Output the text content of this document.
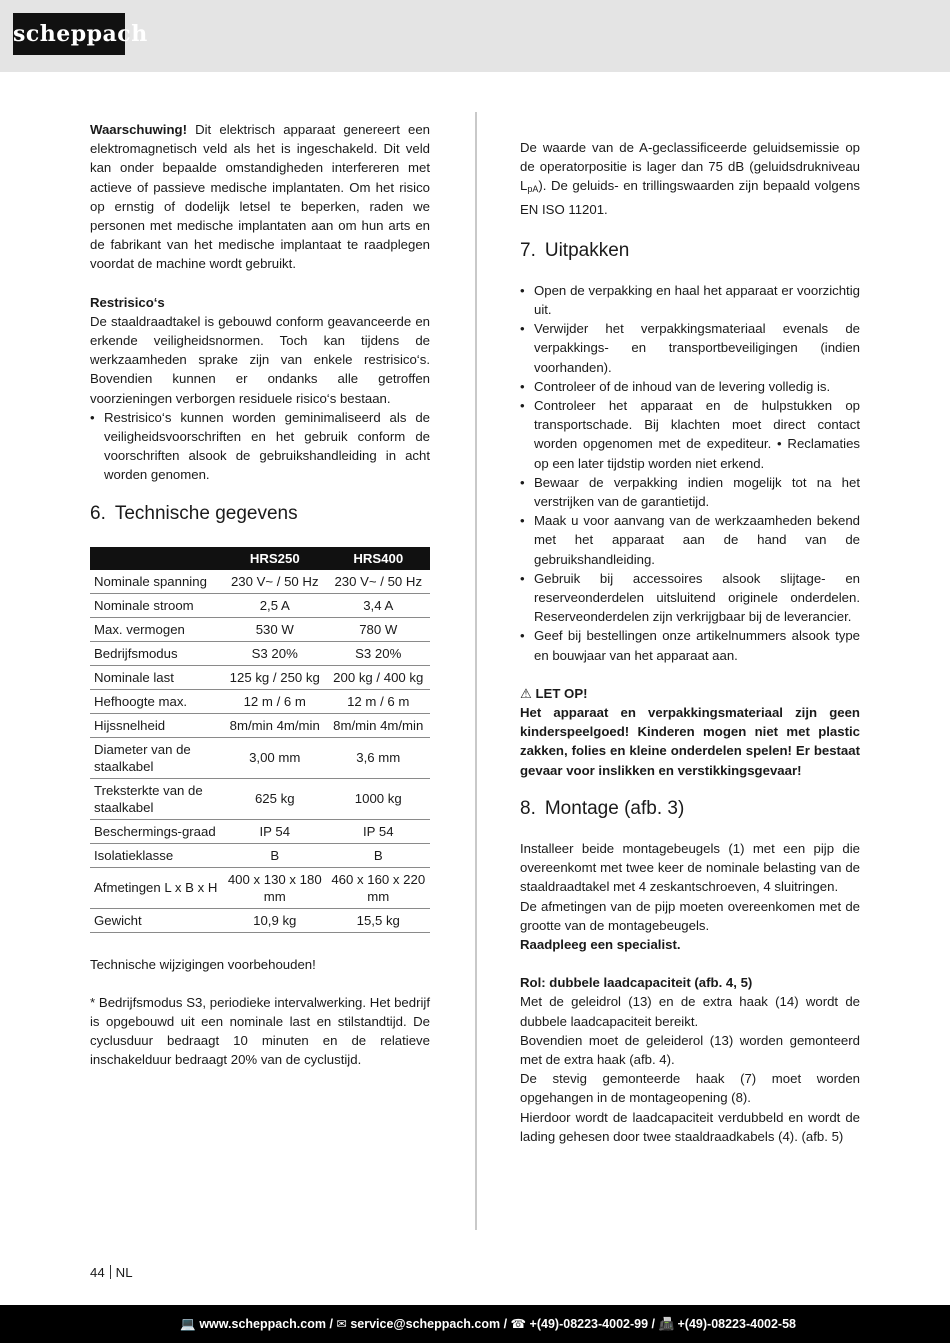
scheppach

Waarschuwing! Dit elektrisch apparaat genereert een elektromagnetisch veld als het is ingeschakeld. Dit veld kan onder bepaalde omstandigheden interfereren met actieve of passieve medische implantaten. Om het risico op ernstig of dodelijk letsel te beperken, raden we personen met medische implantaten aan om hun arts en de fabrikant van het medische implantaat te raadplegen voordat de machine wordt gebruikt.

Restrisico‘s

De staaldraadtakel is gebouwd conform geavanceerde en erkende veiligheidsnormen. Toch kan tijdens de werkzaamheden sprake zijn van enkele restrisico‘s. Bovendien kunnen er ondanks alle getroffen voorzieningen verborgen residuele risico‘s bestaan.

• Restrisico‘s kunnen worden geminimaliseerd als de veiligheidsvoorschriften en het gebruik conform de voorschriften alsook de gebruikshandleiding in acht worden genomen.
6. Technische gegevens
	HRS250	HRS400
Nominale spanning	230 V~ / 50 Hz	230 V~ / 50 Hz
Nominale stroom	2,5 A	3,4 A
Max. vermogen	530 W	780 W
Bedrijfsmodus	S3 20%	S3 20%
Nominale last	125 kg / 250 kg	200 kg / 400 kg
Hefhoogte max.	12 m / 6 m	12 m / 6 m
Hijssnelheid	8m/min 4m/min	8m/min 4m/min
Diameter van de staalkabel	3,00 mm	3,6 mm
Treksterkte van de staalkabel	625 kg	1000 kg
Beschermings-graad	IP 54	IP 54
Isolatieklasse	B	B
Afmetingen L x B x H	400 x 130 x 180 mm	460 x 160 x 220 mm
Gewicht	10,9 kg	15,5 kg

Technische wijzigingen voorbehouden!

* Bedrijfsmodus S3, periodieke intervalwerking. Het bedrijf is opgebouwd uit een nominale last en stilstandtijd. De cyclusduur bedraagt 10 minuten en de relatieve inschakelduur bedraagt 20% van de cyclustijd.

De waarde van de A-geclassificeerde geluidsemissie op de operatorpositie is lager dan 75 dB (geluidsdrukniveau $L_{pA}$). De geluids- en trillingswaarden zijn bepaald volgens EN ISO 11201.

7. Uitpakken
• Open de verpakking en haal het apparaat er voorzichtig uit.
• Verwijder het verpakkingsmateriaal evenals de verpakkings- en transportbeveiligingen (indien voorhanden).
• Controleer of de inhoud van de levering volledig is.
• Controleer het apparaat en de hulpstukken op transportschade. Bij klachten moet direct contact worden opgenomen met de expediteur. • Reclamaties op een later tijdstip worden niet erkend.
• Bewaar de verpakking indien mogelijk tot na het verstrijken van de garantietijd.
• Maak u voor aanvang van de werkzaamheden bekend met het apparaat aan de hand van de gebruikshandleiding.
• Gebruik bij accessoires alsook slijtage- en reserveonderdelen uitsluitend originele onderdelen. Reserveonderdelen zijn verkrijgbaar bij de leverancier.
• Geef bij bestellingen onze artikelnummers alsook type en bouwjaar van het apparaat aan.

⚠ LET OP!

Het apparaat en verpakkingsmateriaal zijn geen kinderspeelgoed! Kinderen mogen niet met plastic zakken, folies en kleine onderdelen spelen! Er bestaat gevaar voor inslikken en verstikkingsgevaar!

8. Montage (afb. 3)

Installeer beide montagebeugels (1) met een pijp die overeenkomt met twee keer de nominale belasting van de staaldraadtakel met 4 zeskantschroeven, 4 sluitringen.

De afmetingen van de pijp moeten overeenkomen met de grootte van de montagebeugels.

Raadpleeg een specialist.

Rol: dubbele laadcapaciteit (afb. 4, 5)

Met de geleidrol (13) en de extra haak (14) wordt de dubbele laadcapaciteit bereikt.

Bovendien moet de geleiderol (13) worden gemonteerd met de extra haak (afb. 4).

De stevig gemonteerde haak (7) moet worden opgehangen in de montageopening (8).

Hierdoor wordt de laadcapaciteit verdubbeld en wordt de lading gehesen door twee staaldraadkabels (4). (afb. 5)

44 NL
💻 www.scheppach.com / ✉ service@scheppach.com / ☎ +(49)-08223-4002-99 / 📠 +(49)-08223-4002-58
